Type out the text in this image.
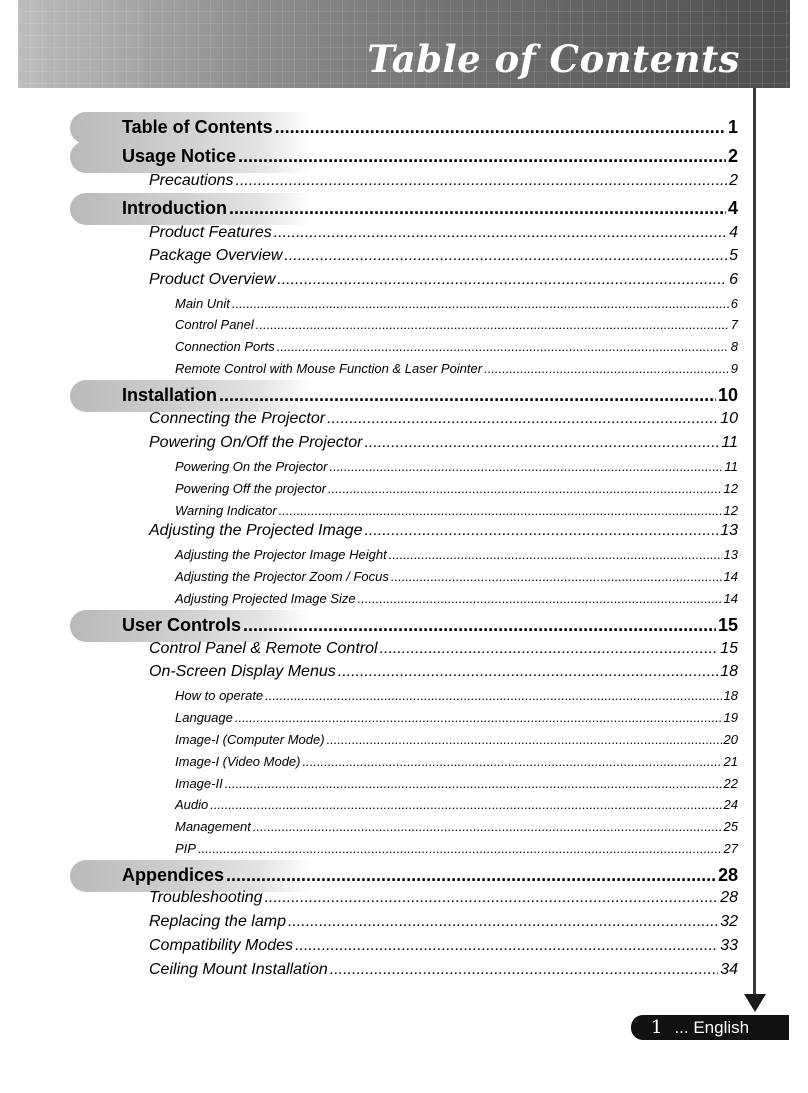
Table of Contents
Table of Contents .....	1
Usage Notice .....	2
Precautions .....	2
Introduction .....	4
Product Features .....	4
Package Overview .....	5
Product Overview .....	6
Main Unit .....	6
Control Panel .....	7
Connection Ports .....	8
Remote Control with Mouse Function & Laser Pointer .....	9
Installation .....	10
Connecting the Projector .....	10
Powering On/Off the Projector .....	11
Powering On the Projector .....	11
Powering Off the projector .....	12
Warning Indicator .....	12
Adjusting the Projected Image .....	13
Adjusting the Projector Image Height .....	13
Adjusting the Projector Zoom / Focus .....	14
Adjusting Projected Image Size .....	14
User Controls .....	15
Control Panel & Remote Control .....	15
On-Screen Display Menus .....	18
How to operate .....	18
Language .....	19
Image-I (Computer Mode) .....	20
Image-I (Video Mode) .....	21
Image-II .....	22
Audio .....	24
Management .....	25
PIP .....	27
Appendices .....	28
Troubleshooting .....	28
Replacing the lamp .....	32
Compatibility Modes .....	33
Ceiling Mount Installation .....	34
1 ... English
